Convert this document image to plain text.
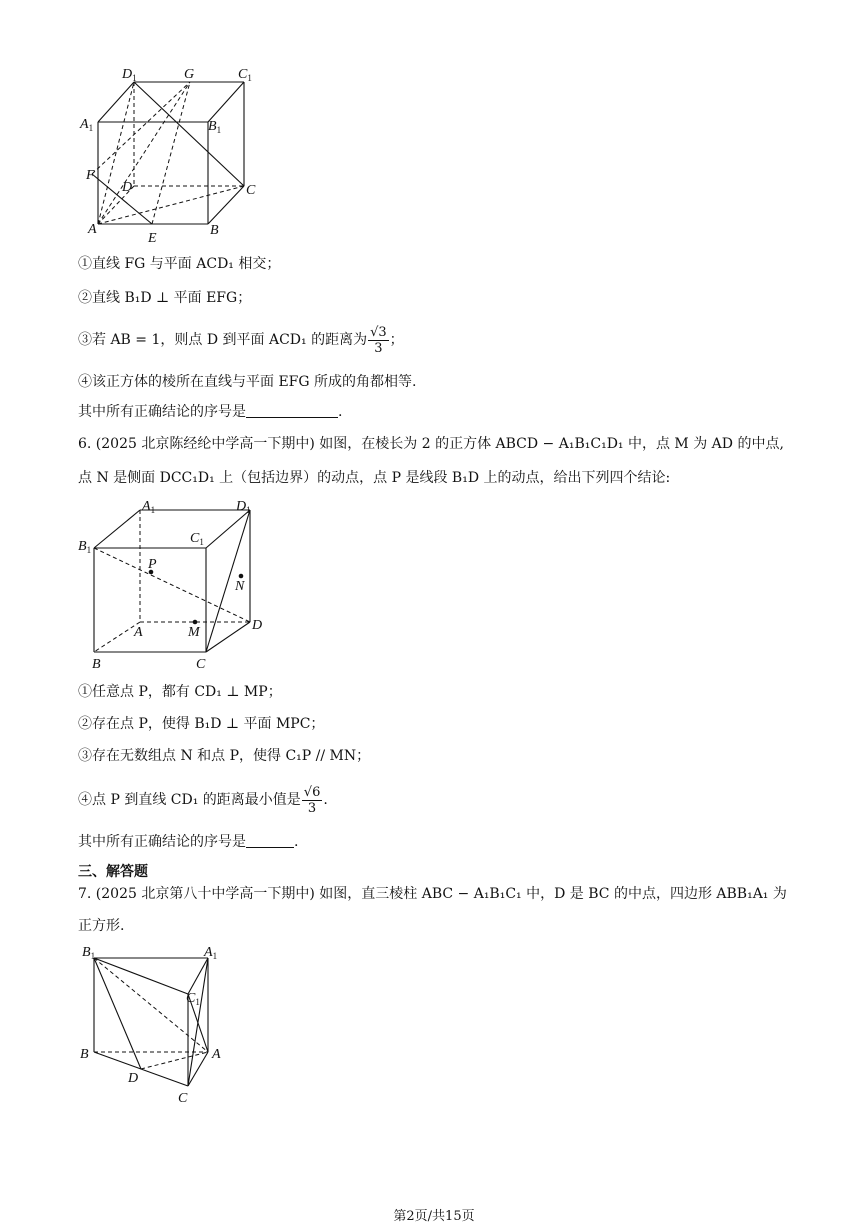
$D_1$	G	$C_1$
$A_1$	$B_1$
F
D	C
A
E
B
①直线 FG 与平面 ACD₁ 相交；
②直线 B₁D ⊥ 平面 EFG；
③若 AB = 1，则点 D 到平面 ACD₁ 的距离为 $\frac{√3}{3}$ ；
④该正方体的棱所在直线与平面 EFG 所成的角都相等.
其中所有正确结论的序号是	.
6. (2025 北京陈经纶中学高一下期中) 如图，在棱长为 2 的正方体 ABCD − A₁B₁C₁D₁ 中，点 M 为 AD 的中点,
点 N 是侧面 DCC₁D₁ 上（包括边界）的动点，点 P 是线段 B₁D 上的动点，给出下列四个结论:
$A_1$	$D_1$
$C_1$
$B_1$
P
N
A	M	D
B	C
①任意点 P，都有 CD₁ ⊥ MP；
②存在点 P，使得 B₁D ⊥ 平面 MPC；
③存在无数组点 N 和点 P，使得 C₁P // MN；
④点 P 到直线 CD₁ 的距离最小值是 $\frac{√6}{3}$ .
其中所有正确结论的序号是	.
三、解答题
7. (2025 北京第八十中学高一下期中) 如图，直三棱柱 ABC − A₁B₁C₁ 中，D 是 BC 的中点，四边形 ABB₁A₁ 为
正方形.
$B_1$	$A_1$
$C_1$
B	A
D
C
第2页/共15页
